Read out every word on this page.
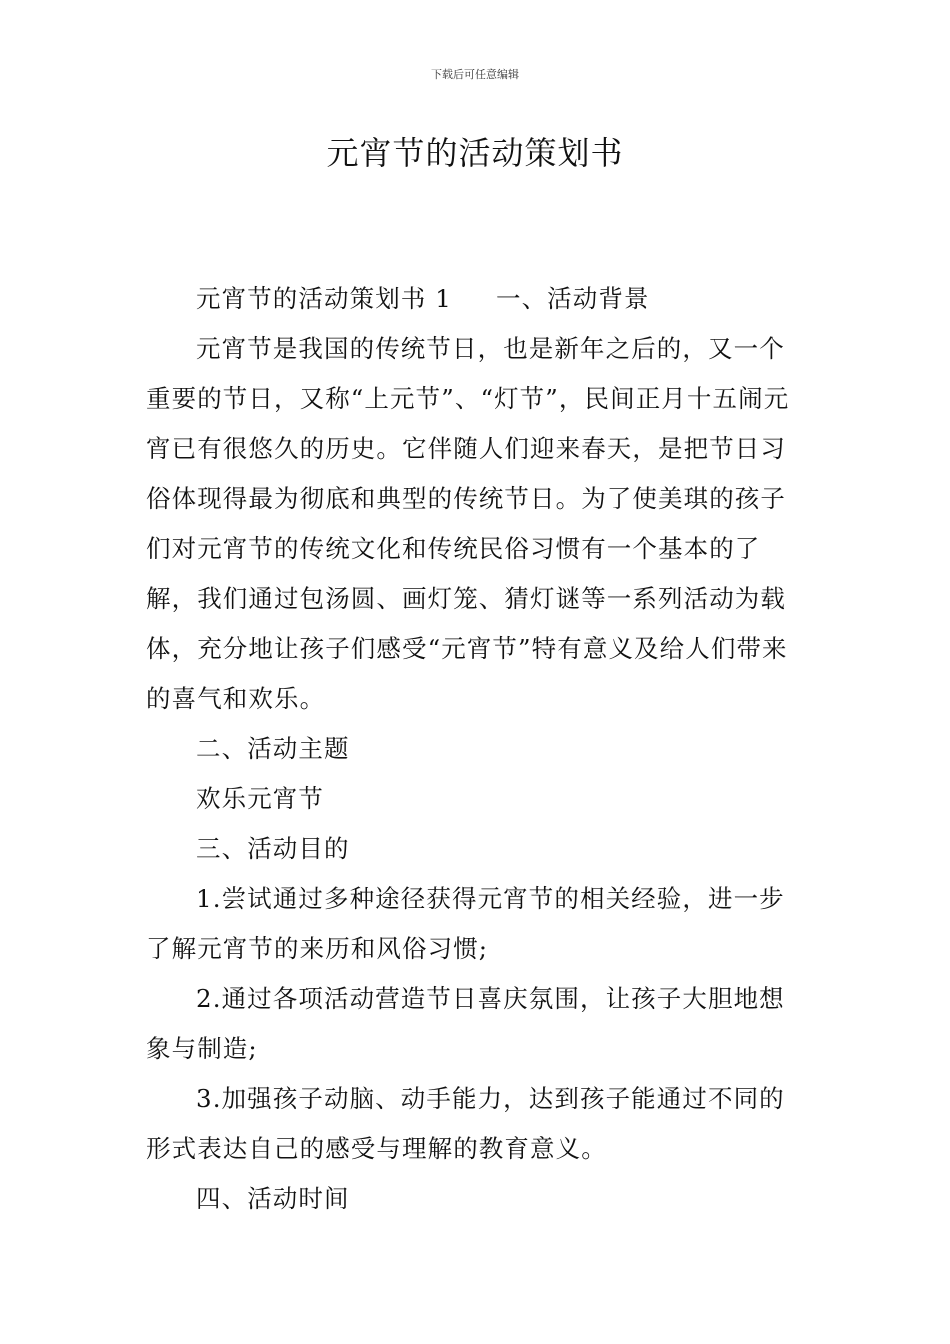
下载后可任意编辑
元宵节的活动策划书

元宵节的活动策划书 1 一、活动背景

元宵节是我国的传统节日，也是新年之后的，又一个重要的节日，又称“上元节”、“灯节”，民间正月十五闹元宵已有很悠久的历史。它伴随人们迎来春天，是把节日习俗体现得最为彻底和典型的传统节日。为了使美琪的孩子们对元宵节的传统文化和传统民俗习惯有一个基本的了解，我们通过包汤圆、画灯笼、猜灯谜等一系列活动为载体，充分地让孩子们感受“元宵节”特有意义及给人们带来的喜气和欢乐。

二、活动主题

欢乐元宵节

三、活动目的

1.尝试通过多种途径获得元宵节的相关经验，进一步了解元宵节的来历和风俗习惯;

2.通过各项活动营造节日喜庆氛围，让孩子大胆地想象与制造;

3.加强孩子动脑、动手能力，达到孩子能通过不同的形式表达自己的感受与理解的教育意义。

四、活动时间
